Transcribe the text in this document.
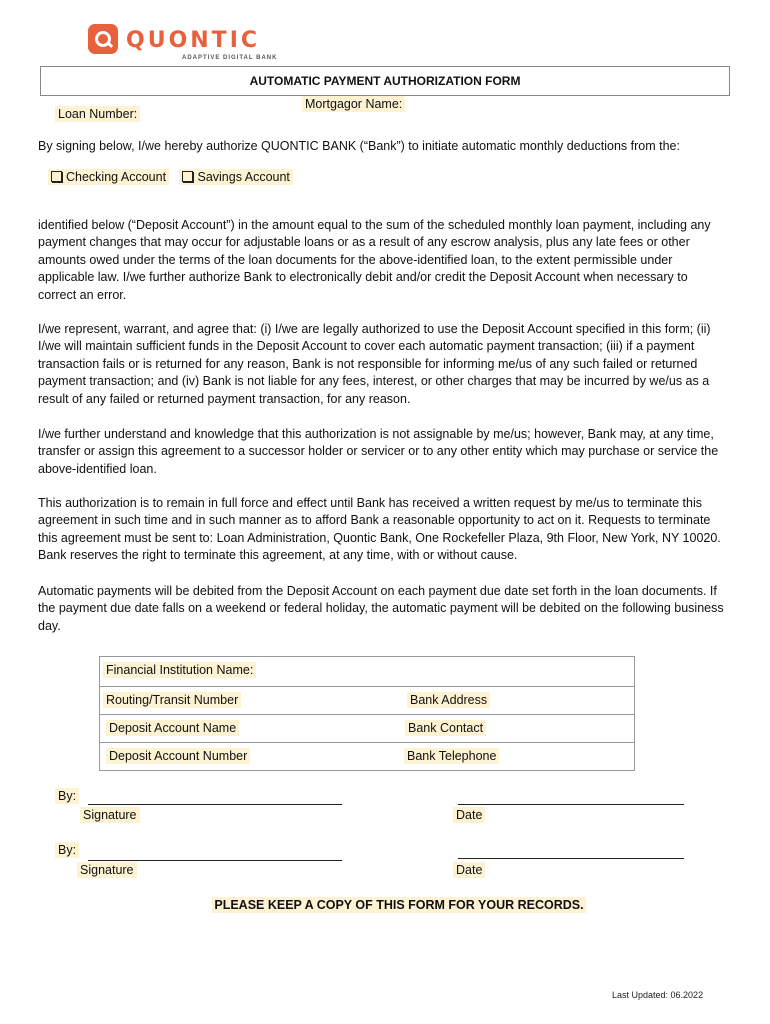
QUONTIC
ADAPTIVE DIGITAL BANK
AUTOMATIC PAYMENT AUTHORIZATION FORM
Mortgagor Name:
Loan Number:
By signing below, I/we hereby authorize QUONTIC BANK (“Bank”) to initiate automatic monthly deductions from the:
Checking Account	Savings Account
identified below (“Deposit Account”) in the amount equal to the sum of the scheduled monthly loan payment, including any payment changes that may occur for adjustable loans or as a result of any escrow analysis, plus any late fees or other amounts owed under the terms of the loan documents for the above-identified loan, to the extent permissible under applicable law. I/we further authorize Bank to electronically debit and/or credit the Deposit Account when necessary to correct an error.
I/we represent, warrant, and agree that: (i) I/we are legally authorized to use the Deposit Account specified in this form; (ii) I/we will maintain sufficient funds in the Deposit Account to cover each automatic payment transaction; (iii) if a payment transaction fails or is returned for any reason, Bank is not responsible for informing me/us of any such failed or returned payment transaction; and (iv) Bank is not liable for any fees, interest, or other charges that may be incurred by we/us as a result of any failed or returned payment transaction, for any reason.
I/we further understand and knowledge that this authorization is not assignable by me/us; however, Bank may, at any time, transfer or assign this agreement to a successor holder or servicer or to any other entity which may purchase or service the above-identified loan.
This authorization is to remain in full force and effect until Bank has received a written request by me/us to terminate this agreement in such time and in such manner as to afford Bank a reasonable opportunity to act on it. Requests to terminate this agreement must be sent to: Loan Administration, Quontic Bank, One Rockefeller Plaza, 9th Floor, New York, NY 10020. Bank reserves the right to terminate this agreement, at any time, with or without cause.
Automatic payments will be debited from the Deposit Account on each payment due date set forth in the loan documents. If the payment due date falls on a weekend or federal holiday, the automatic payment will be debited on the following business day.
Financial Institution Name:
Routing/Transit Number	Bank Address
Deposit Account Name	Bank Contact
Deposit Account Number	Bank Telephone
By:
Signature	Date
By:
Signature	Date
PLEASE KEEP A COPY OF THIS FORM FOR YOUR RECORDS.
Last Updated: 06.2022
